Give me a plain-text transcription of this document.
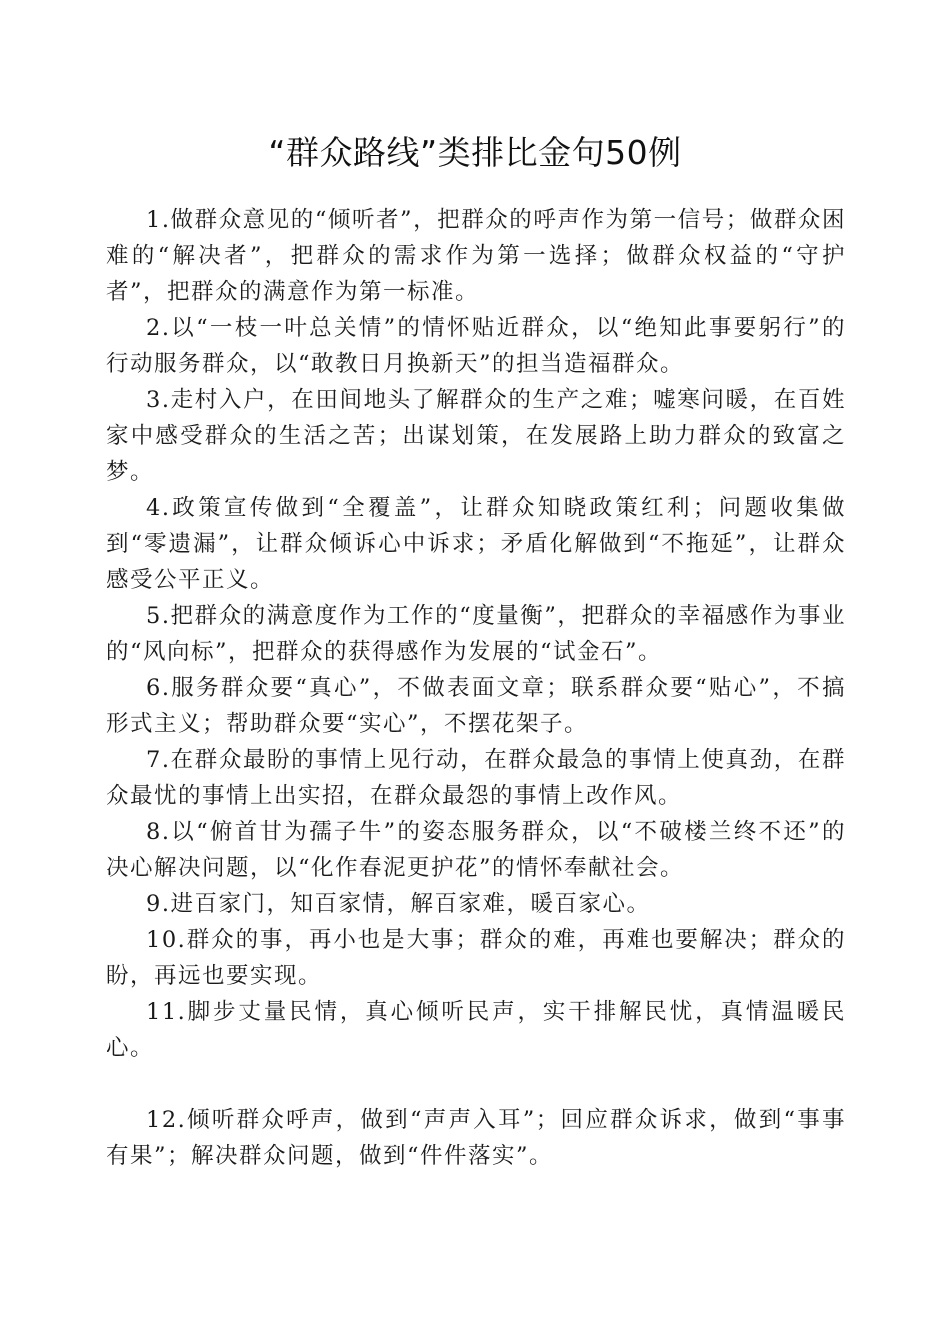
“群众路线”类排比金句50例

1.做群众意见的“倾听者”，把群众的呼声作为第一信号；做群众困难的“解决者”，把群众的需求作为第一选择；做群众权益的“守护者”，把群众的满意作为第一标准。

2.以“一枝一叶总关情”的情怀贴近群众，以“绝知此事要躬行”的行动服务群众，以“敢教日月换新天”的担当造福群众。

3.走村入户，在田间地头了解群众的生产之难；嘘寒问暖，在百姓家中感受群众的生活之苦；出谋划策，在发展路上助力群众的致富之梦。

4.政策宣传做到“全覆盖”，让群众知晓政策红利；问题收集做到“零遗漏”，让群众倾诉心中诉求；矛盾化解做到“不拖延”，让群众感受公平正义。

5.把群众的满意度作为工作的“度量衡”，把群众的幸福感作为事业的“风向标”，把群众的获得感作为发展的“试金石”。

6.服务群众要“真心”，不做表面文章；联系群众要“贴心”，不搞形式主义；帮助群众要“实心”，不摆花架子。

7.在群众最盼的事情上见行动，在群众最急的事情上使真劲，在群众最忧的事情上出实招，在群众最怨的事情上改作风。

8.以“俯首甘为孺子牛”的姿态服务群众，以“不破楼兰终不还”的决心解决问题，以“化作春泥更护花”的情怀奉献社会。

9.进百家门，知百家情，解百家难，暖百家心。

10.群众的事，再小也是大事；群众的难，再难也要解决；群众的盼，再远也要实现。

11.脚步丈量民情，真心倾听民声，实干排解民忧，真情温暖民心。

12.倾听群众呼声，做到“声声入耳”；回应群众诉求，做到“事事有果”；解决群众问题，做到“件件落实”。
